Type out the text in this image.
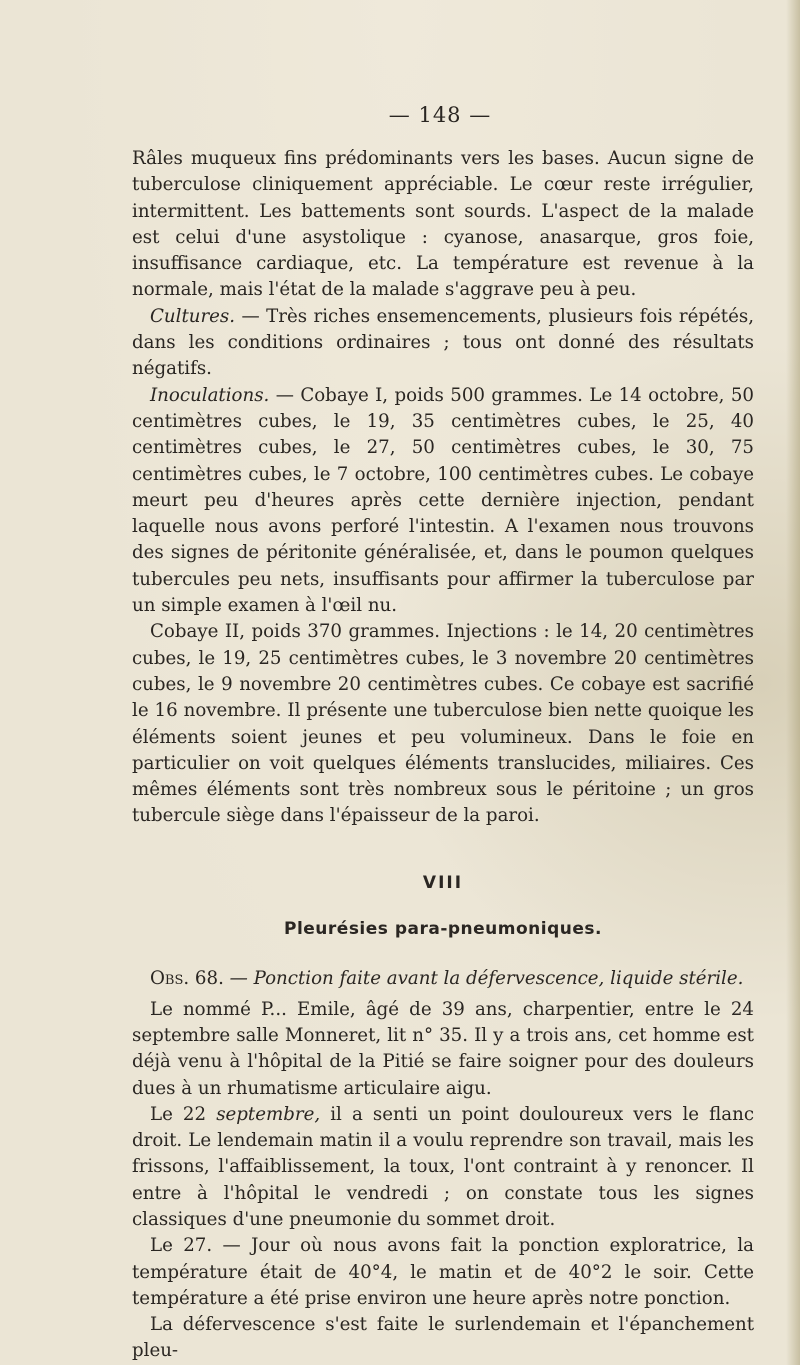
— 148 —

Râles muqueux fins prédominants vers les bases. Aucun signe de tuberculose cliniquement appréciable. Le cœur reste irrégulier, intermittent. Les battements sont sourds. L'aspect de la malade est celui d'une asystolique : cyanose, anasarque, gros foie, insuffisance cardiaque, etc. La température est revenue à la normale, mais l'état de la malade s'aggrave peu à peu.

Cultures. — Très riches ensemencements, plusieurs fois répétés, dans les conditions ordinaires ; tous ont donné des résultats négatifs.

Inoculations. — Cobaye I, poids 500 grammes. Le 14 octobre, 50 centimètres cubes, le 19, 35 centimètres cubes, le 25, 40 centimètres cubes, le 27, 50 centimètres cubes, le 30, 75 centimètres cubes, le 7 octobre, 100 centimètres cubes. Le cobaye meurt peu d'heures après cette dernière injection, pendant laquelle nous avons perforé l'intestin. A l'examen nous trouvons des signes de péritonite généralisée, et, dans le poumon quelques tubercules peu nets, insuffisants pour affirmer la tuberculose par un simple examen à l'œil nu.

Cobaye II, poids 370 grammes. Injections : le 14, 20 centimètres cubes, le 19, 25 centimètres cubes, le 3 novembre 20 centimètres cubes, le 9 novembre 20 centimètres cubes. Ce cobaye est sacrifié le 16 novembre. Il présente une tuberculose bien nette quoique les éléments soient jeunes et peu volumineux. Dans le foie en particulier on voit quelques éléments translucides, miliaires. Ces mêmes éléments sont très nombreux sous le péritoine ; un gros tubercule siège dans l'épaisseur de la paroi.

VIII
Pleurésies para-pneumoniques.

Obs. 68. — Ponction faite avant la défervescence, liquide stérile.

Le nommé P... Emile, âgé de 39 ans, charpentier, entre le 24 septembre salle Monneret, lit n° 35. Il y a trois ans, cet homme est déjà venu à l'hôpital de la Pitié se faire soigner pour des douleurs dues à un rhumatisme articulaire aigu.

Le 22 septembre, il a senti un point douloureux vers le flanc droit. Le lendemain matin il a voulu reprendre son travail, mais les frissons, l'affaiblissement, la toux, l'ont contraint à y renoncer. Il entre à l'hôpital le vendredi ; on constate tous les signes classiques d'une pneumonie du sommet droit.

Le 27. — Jour où nous avons fait la ponction exploratrice, la température était de 40°4, le matin et de 40°2 le soir. Cette température a été prise environ une heure après notre ponction.

La défervescence s'est faite le surlendemain et l'épanchement pleu-
